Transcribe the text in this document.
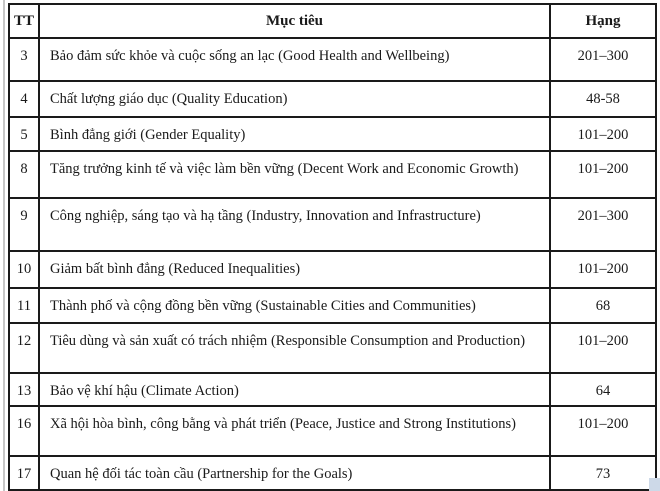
TT	Mục tiêu	Hạng
3	Bảo đảm sức khỏe và cuộc sống an lạc (Good Health and Wellbeing)	201–300
4	Chất lượng giáo dục (Quality Education)	48-58
5	Bình đẳng giới (Gender Equality)	101–200
8	Tăng trưởng kinh tế và việc làm bền vững (Decent Work and Economic Growth)	101–200
9	Công nghiệp, sáng tạo và hạ tầng (Industry, Innovation and Infrastructure)	201–300
10	Giảm bất bình đẳng (Reduced Inequalities)	101–200
11	Thành phố và cộng đồng bền vững (Sustainable Cities and Communities)	68
12	Tiêu dùng và sản xuất có trách nhiệm (Responsible Consumption and Production)	101–200
13	Bảo vệ khí hậu (Climate Action)	64
16	Xã hội hòa bình, công bằng và phát triển (Peace, Justice and Strong Institutions)	101–200
17	Quan hệ đối tác toàn cầu (Partnership for the Goals)	73
